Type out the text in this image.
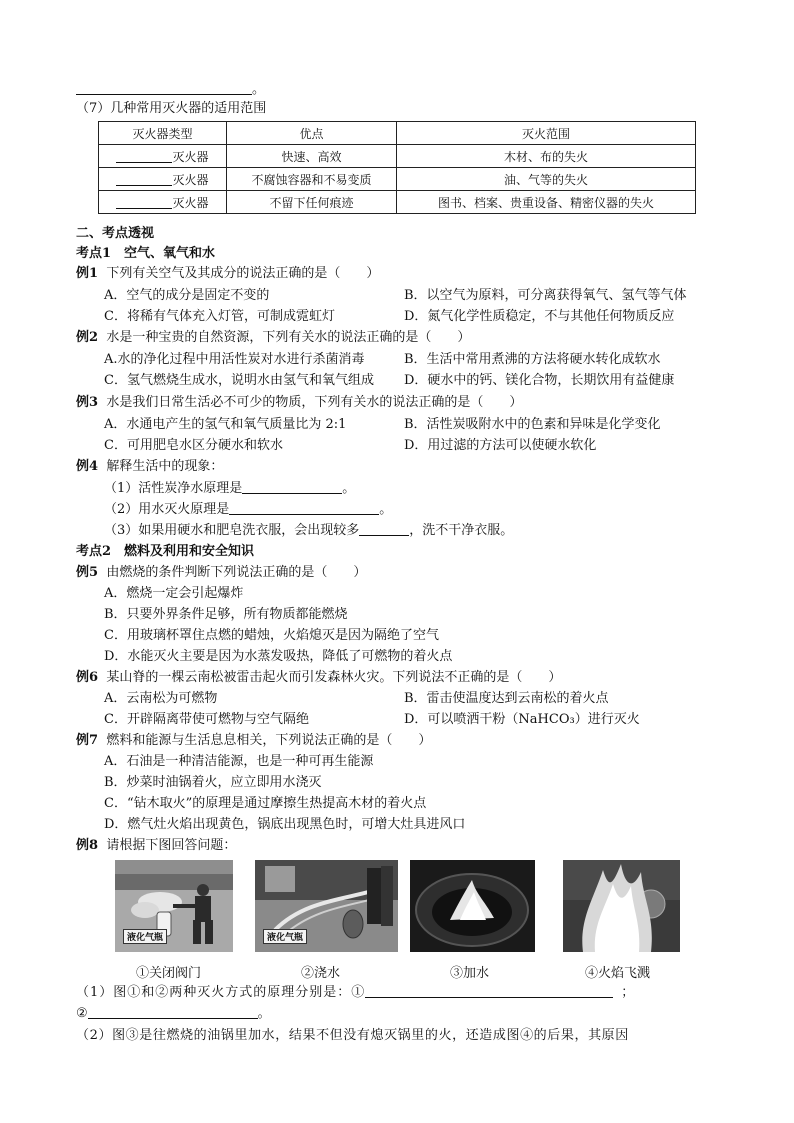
。
（7）几种常用灭火器的适用范围
灭火器类型	优点	灭火范围
灭火器	快速、高效	木材、布的失火
灭火器	不腐蚀容器和不易变质	油、气等的失火
灭火器	不留下任何痕迹	图书、档案、贵重设备、精密仪器的失火
二、考点透视
考点1　空气、氧气和水
例1 下列有关空气及其成分的说法正确的是（　　）
A．空气的成分是固定不变的	B．以空气为原料，可分离获得氧气、氢气等气体
C．将稀有气体充入灯管，可制成霓虹灯	D．氮气化学性质稳定，不与其他任何物质反应
例2 水是一种宝贵的自然资源，下列有关水的说法正确的是（　　）
A.水的净化过程中用活性炭对水进行杀菌消毒	B．生活中常用煮沸的方法将硬水转化成软水
C．氢气燃烧生成水，说明水由氢气和氧气组成 D．硬水中的钙、镁化合物，长期饮用有益健康
例3 水是我们日常生活必不可少的物质，下列有关水的说法正确的是（　　）
A．水通电产生的氢气和氧气质量比为 2:1	B．活性炭吸附水中的色素和异味是化学变化
C．可用肥皂水区分硬水和软水	D．用过滤的方法可以使硬水软化
例4 解释生活中的现象：
（1）活性炭净水原理是	。
（2）用水灭火原理是	。
（3）如果用硬水和肥皂洗衣服，会出现较多	，洗不干净衣服。
考点2　燃料及利用和安全知识
例5 由燃烧的条件判断下列说法正确的是（　　）
A．燃烧一定会引起爆炸
B．只要外界条件足够，所有物质都能燃烧
C．用玻璃杯罩住点燃的蜡烛，火焰熄灭是因为隔绝了空气
D．水能灭火主要是因为水蒸发吸热，降低了可燃物的着火点
例6 某山脊的一棵云南松被雷击起火而引发森林火灾。下列说法不正确的是（　　）
A．云南松为可燃物	B．雷击使温度达到云南松的着火点
C．开辟隔离带使可燃物与空气隔绝	D．可以喷洒干粉（NaHCO₃）进行灭火
例7 燃料和能源与生活息息相关，下列说法正确的是（　　）
A．石油是一种清洁能源，也是一种可再生能源
B．炒菜时油锅着火，应立即用水浇灭
C．“钻木取火”的原理是通过摩擦生热提高木材的着火点
D．燃气灶火焰出现黄色，锅底出现黑色时，可增大灶具进风口
例8 请根据下图回答问题：
液化气瓶	液化气瓶
①关闭阀门	②浇水	③加水	④火焰飞溅
（1）图①和②两种灭火方式的原理分别是：①	；
②	。
（2）图③是往燃烧的油锅里加水，结果不但没有熄灭锅里的火，还造成图④的后果，其原因
